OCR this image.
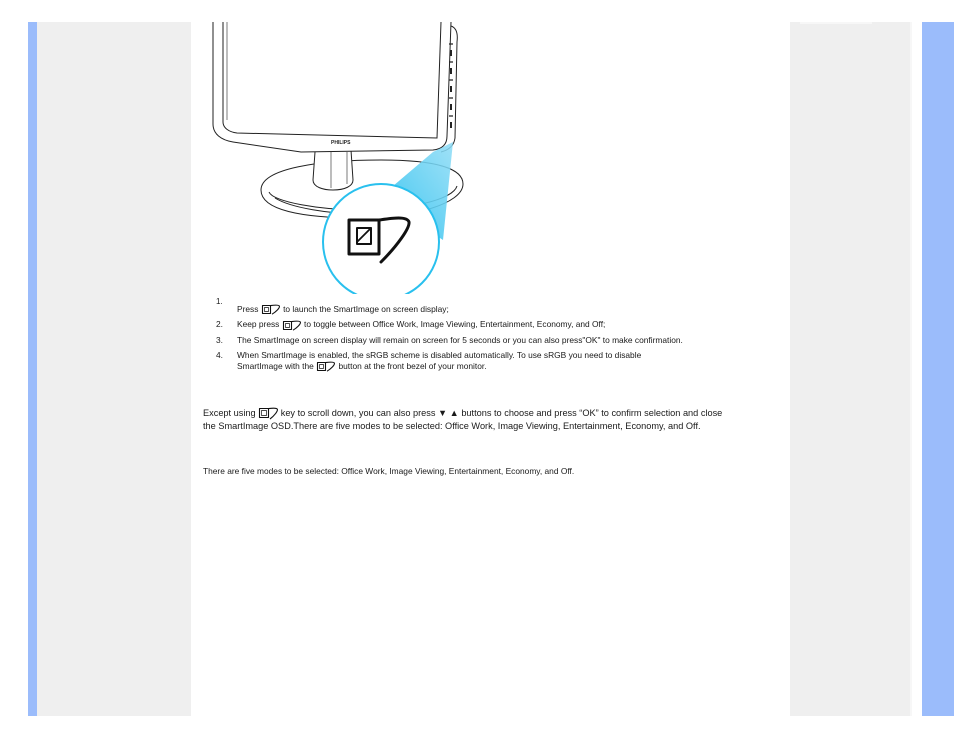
PHILIPS
1.
Press	to launch the SmartImage on screen display;
2. Keep press	to toggle between Office Work, Image Viewing, Entertainment, Economy, and Off;
3. The SmartImage on screen display will remain on screen for 5 seconds or you can also press"OK" to make confirmation.
4. When SmartImage is enabled, the sRGB scheme is disabled automatically. To use sRGB you need to disable SmartImage with the	button at the front bezel of your monitor.

Except using
key to scroll down, you can also press ▼ ▲ buttons to choose and press “OK” to confirm selection and close the SmartImage OSD.There are five modes to be selected: Office Work, Image Viewing, Entertainment, Economy, and Off.

There are five modes to be selected: Office Work, Image Viewing, Entertainment, Economy, and Off.
